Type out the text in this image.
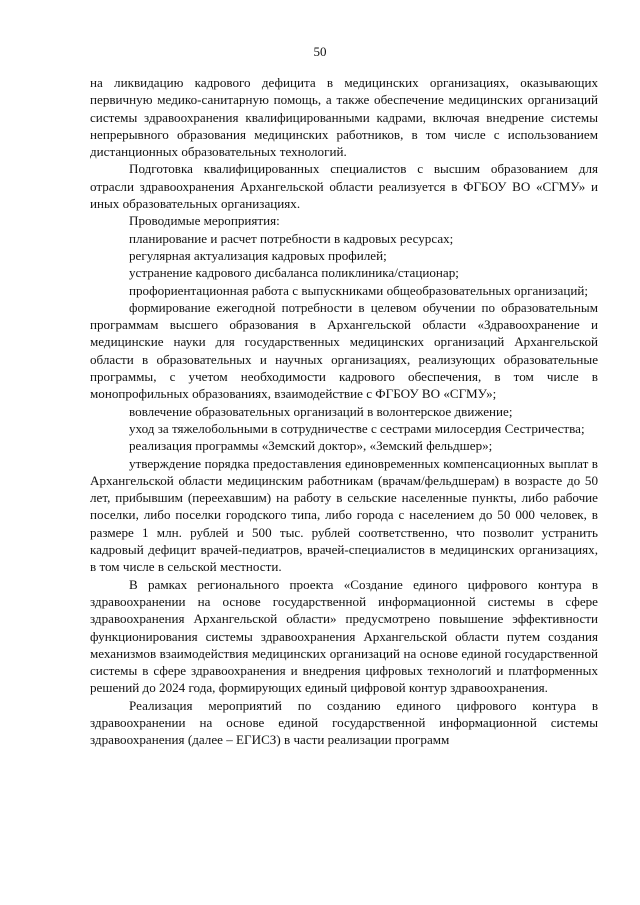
50

на ликвидацию кадрового дефицита в медицинских организациях, оказывающих первичную медико-санитарную помощь, а также обеспечение медицинских организаций системы здравоохранения квалифицированными кадрами, включая внедрение системы непрерывного образования медицинских работников, в том числе с использованием дистанционных образовательных технологий.

Подготовка квалифицированных специалистов с высшим образованием для отрасли здравоохранения Архангельской области реализуется в ФГБОУ ВО «СГМУ» и иных образовательных организациях.

Проводимые мероприятия:

планирование и расчет потребности в кадровых ресурсах;

регулярная актуализация кадровых профилей;

устранение кадрового дисбаланса поликлиника/стационар;

профориентационная работа с выпускниками общеобразовательных организаций;

формирование ежегодной потребности в целевом обучении по образовательным программам высшего образования в Архангельской области «Здравоохранение и медицинские науки для государственных медицинских организаций Архангельской области в образовательных и научных организациях, реализующих образовательные программы, с учетом необходимости кадрового обеспечения, в том числе в монопрофильных образованиях, взаимодействие с ФГБОУ ВО «СГМУ»;

вовлечение образовательных организаций в волонтерское движение;

уход за тяжелобольными в сотрудничестве с сестрами милосердия Сестричества;

реализация программы «Земский доктор», «Земский фельдшер»;

утверждение порядка предоставления единовременных компенсационных выплат в Архангельской области медицинским работникам (врачам/фельдшерам) в возрасте до 50 лет, прибывшим (переехавшим) на работу в сельские населенные пункты, либо рабочие поселки, либо поселки городского типа, либо города с населением до 50 000 человек, в размере 1 млн. рублей и 500 тыс. рублей соответственно, что позволит устранить кадровый дефицит врачей-педиатров, врачей-специалистов в медицинских организациях, в том числе в сельской местности.

В рамках регионального проекта «Создание единого цифрового контура в здравоохранении на основе государственной информационной системы в сфере здравоохранения Архангельской области» предусмотрено повышение эффективности функционирования системы здравоохранения Архангельской области путем создания механизмов взаимодействия медицинских организаций на основе единой государственной системы в сфере здравоохранения и внедрения цифровых технологий и платформенных решений до 2024 года, формирующих единый цифровой контур здравоохранения.

Реализация мероприятий по созданию единого цифрового контура в здравоохранении на основе единой государственной информационной системы здравоохранения (далее – ЕГИСЗ) в части реализации программ
